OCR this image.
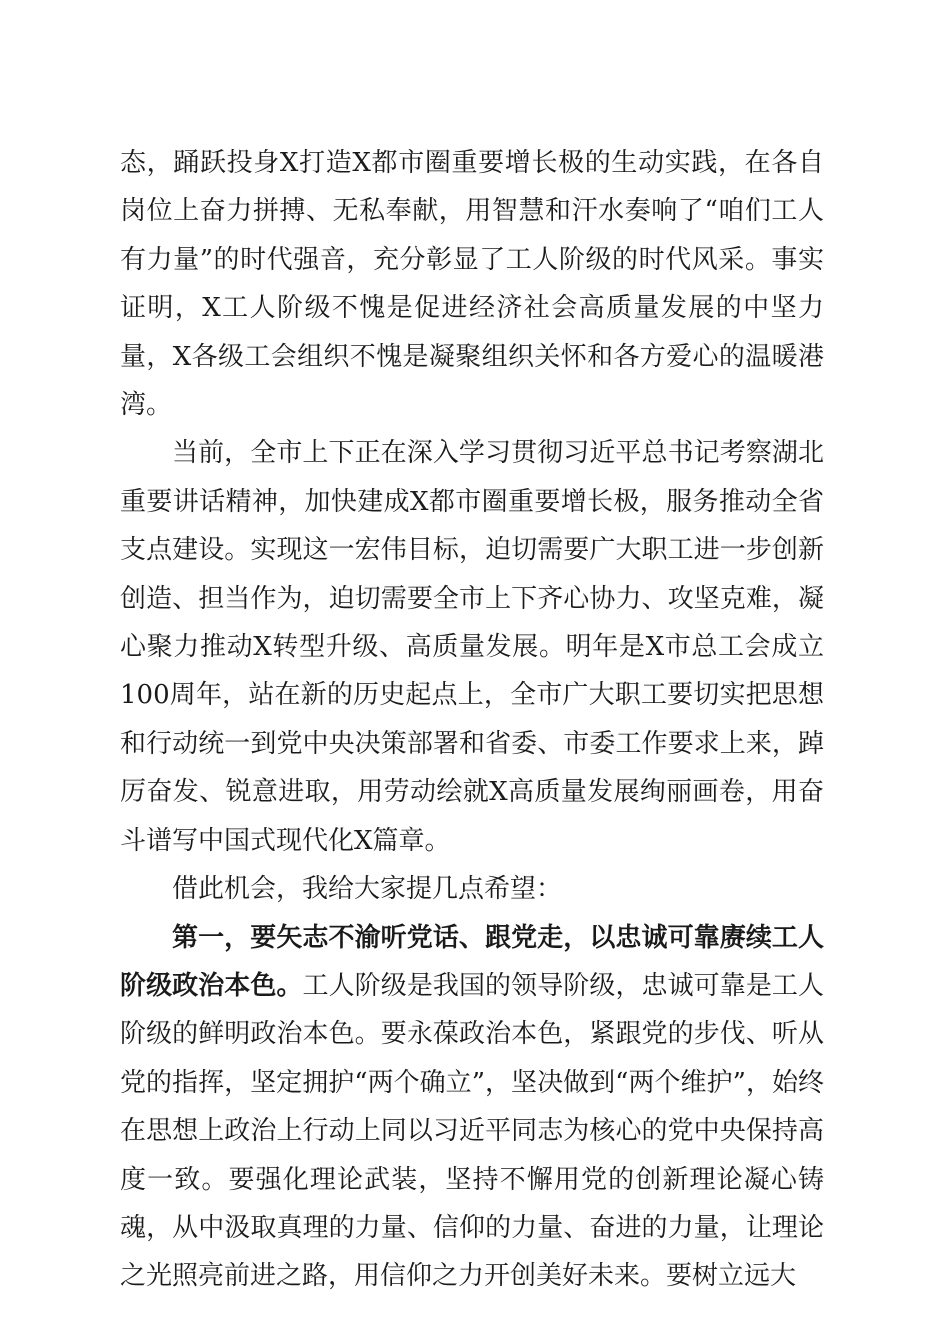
态，踊跃投身X打造X都市圈重要增长极的生动实践，在各自岗位上奋力拼搏、无私奉献，用智慧和汗水奏响了“咱们工人有力量”的时代强音，充分彰显了工人阶级的时代风采。事实证明，X工人阶级不愧是促进经济社会高质量发展的中坚力量，X各级工会组织不愧是凝聚组织关怀和各方爱心的温暖港湾。

当前，全市上下正在深入学习贯彻习近平总书记考察湖北重要讲话精神，加快建成X都市圈重要增长极，服务推动全省支点建设。实现这一宏伟目标，迫切需要广大职工进一步创新创造、担当作为，迫切需要全市上下齐心协力、攻坚克难，凝心聚力推动X转型升级、高质量发展。明年是X市总工会成立100周年，站在新的历史起点上，全市广大职工要切实把思想和行动统一到党中央决策部署和省委、市委工作要求上来，踔厉奋发、锐意进取，用劳动绘就X高质量发展绚丽画卷，用奋斗谱写中国式现代化X篇章。

借此机会，我给大家提几点希望：

第一，要矢志不渝听党话、跟党走，以忠诚可靠赓续工人阶级政治本色。工人阶级是我国的领导阶级，忠诚可靠是工人阶级的鲜明政治本色。要永葆政治本色，紧跟党的步伐、听从党的指挥，坚定拥护“两个确立”，坚决做到“两个维护”，始终在思想上政治上行动上同以习近平同志为核心的党中央保持高度一致。要强化理论武装，坚持不懈用党的创新理论凝心铸魂，从中汲取真理的力量、信仰的力量、奋进的力量，让理论之光照亮前进之路，用信仰之力开创美好未来。要树立远大
